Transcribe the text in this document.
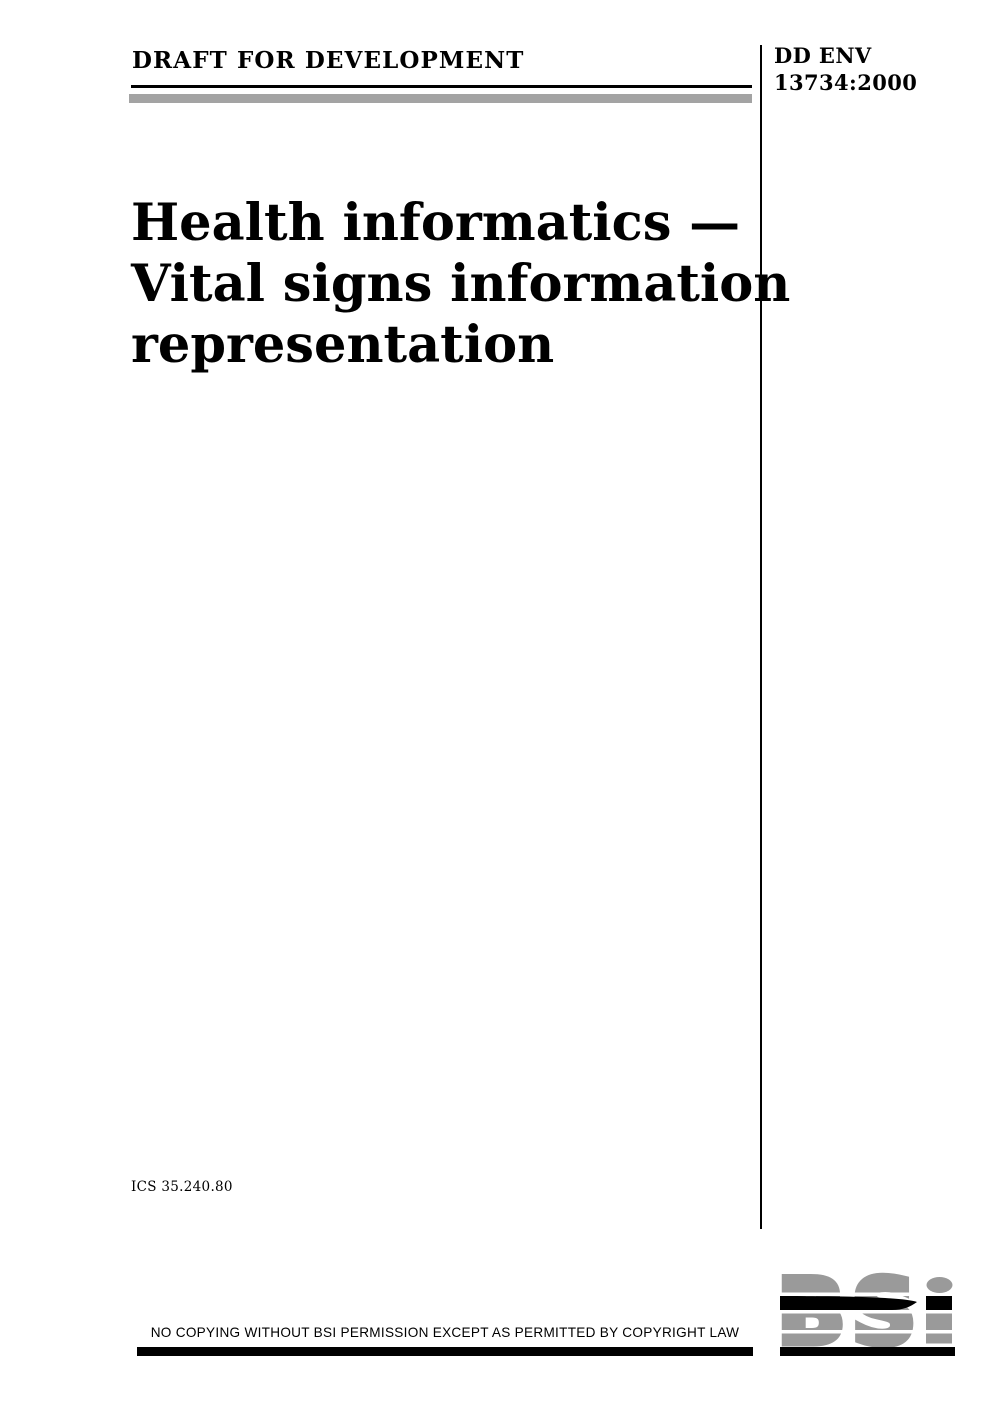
DRAFT FOR DEVELOPMENT	DD ENV
13734:2000
Health informatics —
Vital signs information
representation
ICS 35.240.80
NO COPYING WITHOUT BSI PERMISSION EXCEPT AS PERMITTED BY COPYRIGHT LAW
